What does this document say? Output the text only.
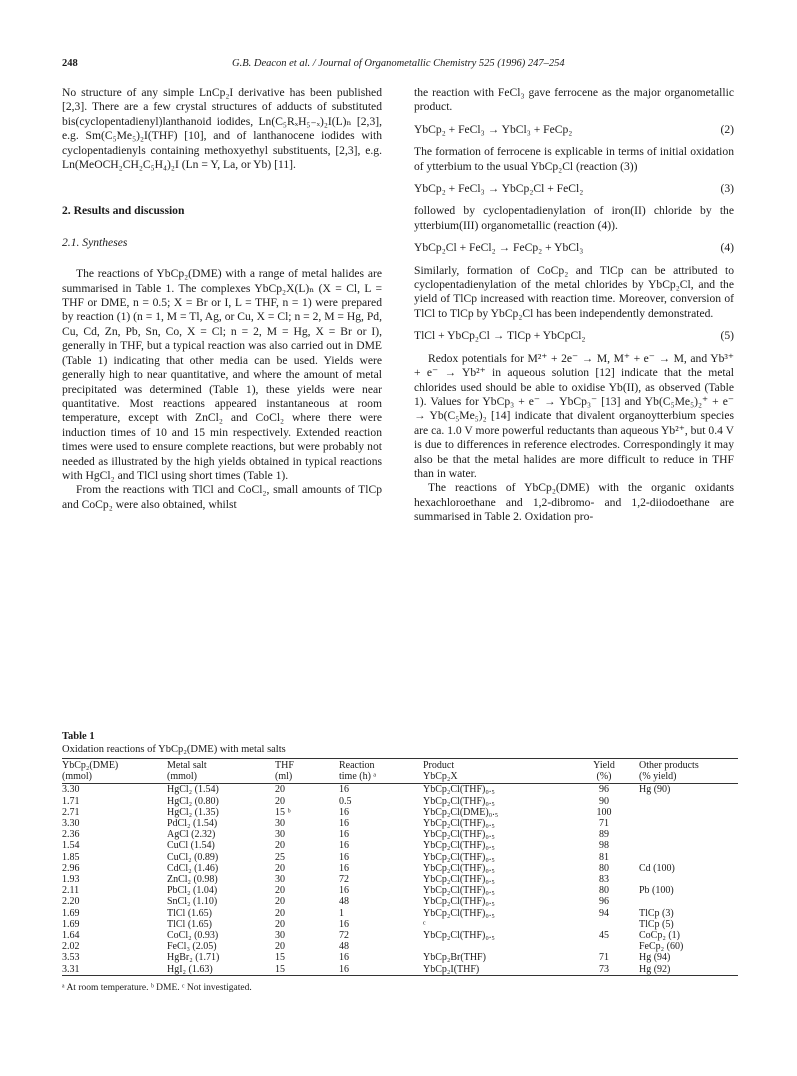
248	G.B. Deacon et al. / Journal of Organometallic Chemistry 525 (1996) 247–254

No structure of any simple LnCp₂I derivative has been published [2,3]. There are a few crystal structures of adducts of substituted bis(cyclopentadienyl)lanthanoid iodides, Ln(C₅RₓH₅₋ₓ)₂I(L)ₙ [2,3], e.g. Sm(C₅Me₅)₂I(THF) [10], and of lanthanocene iodides with cyclopentadienyls containing methoxyethyl substituents, [2,3], e.g. Ln(MeOCH₂CH₂C₅H₄)₂I (Ln = Y, La, or Yb) [11].

2. Results and discussion

2.1. Syntheses

The reactions of YbCp₂(DME) with a range of metal halides are summarised in Table 1. The complexes YbCp₂X(L)ₙ (X = Cl, L = THF or DME, n = 0.5; X = Br or I, L = THF, n = 1) were prepared by reaction (1) (n = 1, M = Tl, Ag, or Cu, X = Cl; n = 2, M = Hg, Pd, Cu, Cd, Zn, Pb, Sn, Co, X = Cl; n = 2, M = Hg, X = Br or I), generally in THF, but a typical reaction was also carried out in DME (Table 1) indicating that other media can be used. Yields were generally high to near quantitative, and where the amount of metal precipitated was determined (Table 1), these yields were near quantitative. Most reactions appeared instantaneous at room temperature, except with ZnCl₂ and CoCl₂ where there were induction times of 10 and 15 min respectively. Extended reaction times were used to ensure complete reactions, but were probably not needed as illustrated by the high yields obtained in typical reactions with HgCl₂ and TlCl using short times (Table 1).

From the reactions with TlCl and CoCl₂, small amounts of TlCp and CoCp₂ were also obtained, whilst

the reaction with FeCl₃ gave ferrocene as the major organometallic product.

YbCp₂ + FeCl₃ → YbCl₃ + FeCp₂	(2)

The formation of ferrocene is explicable in terms of initial oxidation of ytterbium to the usual YbCp₂Cl (reaction (3))

YbCp₂ + FeCl₃ → YbCp₂Cl + FeCl₂	(3)

followed by cyclopentadienylation of iron(II) chloride by the ytterbium(III) organometallic (reaction (4)).

YbCp₂Cl + FeCl₂ → FeCp₂ + YbCl₃	(4)

Similarly, formation of CoCp₂ and TlCp can be attributed to cyclopentadienylation of the metal chlorides by YbCp₂Cl, and the yield of TlCp increased with reaction time. Moreover, conversion of TlCl to TlCp by YbCp₂Cl has been independently demonstrated.

TlCl + YbCp₂Cl → TlCp + YbCpCl₂	(5)

Redox potentials for M²⁺ + 2e⁻ → M, M⁺ + e⁻ → M, and Yb³⁺ + e⁻ → Yb²⁺ in aqueous solution [12] indicate that the metal chlorides used should be able to oxidise Yb(II), as observed (Table 1). Values for YbCp₃ + e⁻ → YbCp₃⁻ [13] and Yb(C₅Me₅)₂⁺ + e⁻ → Yb(C₅Me₅)₂ [14] indicate that divalent organoytterbium species are ca. 1.0 V more powerful reductants than aqueous Yb²⁺, but 0.4 V is due to differences in reference electrodes. Correspondingly it may also be that the metal halides are more difficult to reduce in THF than in water.

The reactions of YbCp₂(DME) with the organic oxidants hexachloroethane and 1,2-dibromo- and 1,2-diiodoethane are summarised in Table 2. Oxidation pro-

Table 1
Oxidation reactions of YbCp₂(DME) with metal salts
YbCp₂(DME)	Metal salt	THF	Reaction	Product	Yield	Other products
(mmol)	(mmol)	(ml)	time (h) ᵃ	YbCp₂X	(%)	(% yield)
3.30	HgCl₂ (1.54)	20	16	YbCp₂Cl(THF)₀.₅	96	Hg (90)
1.71	HgCl₂ (0.80)	20	0.5	YbCp₂Cl(THF)₀.₅	90	
2.71	HgCl₂ (1.35)	15 ᵇ	16	YbCp₂Cl(DME)₀.₅	100	
3.30	PdCl₂ (1.54)	30	16	YbCp₂Cl(THF)₀.₅	71	
2.36	AgCl (2.32)	30	16	YbCp₂Cl(THF)₀.₅	89	
1.54	CuCl (1.54)	20	16	YbCp₂Cl(THF)₀.₅	98	
1.85	CuCl₂ (0.89)	25	16	YbCp₂Cl(THF)₀.₅	81	
2.96	CdCl₂ (1.46)	20	16	YbCp₂Cl(THF)₀.₅	80	Cd (100)
1.93	ZnCl₂ (0.98)	30	72	YbCp₂Cl(THF)₀.₅	83	
2.11	PbCl₂ (1.04)	20	16	YbCp₂Cl(THF)₀.₅	80	Pb (100)
2.20	SnCl₂ (1.10)	20	48	YbCp₂Cl(THF)₀.₅	96	
1.69	TlCl (1.65)	20	1	YbCp₂Cl(THF)₀.₅	94	TlCp (3)
1.69	TlCl (1.65)	20	16	ᶜ		TlCp (5)
1.64	CoCl₂ (0.93)	30	72	YbCp₂Cl(THF)₀.₅	45	CoCp₂ (1)
2.02	FeCl₃ (2.05)	20	48			FeCp₂ (60)
3.53	HgBr₂ (1.71)	15	16	YbCp₂Br(THF)	71	Hg (94)
3.31	HgI₂ (1.63)	15	16	YbCp₂I(THF)	73	Hg (92)
ᵃ At room temperature. ᵇ DME. ᶜ Not investigated.
